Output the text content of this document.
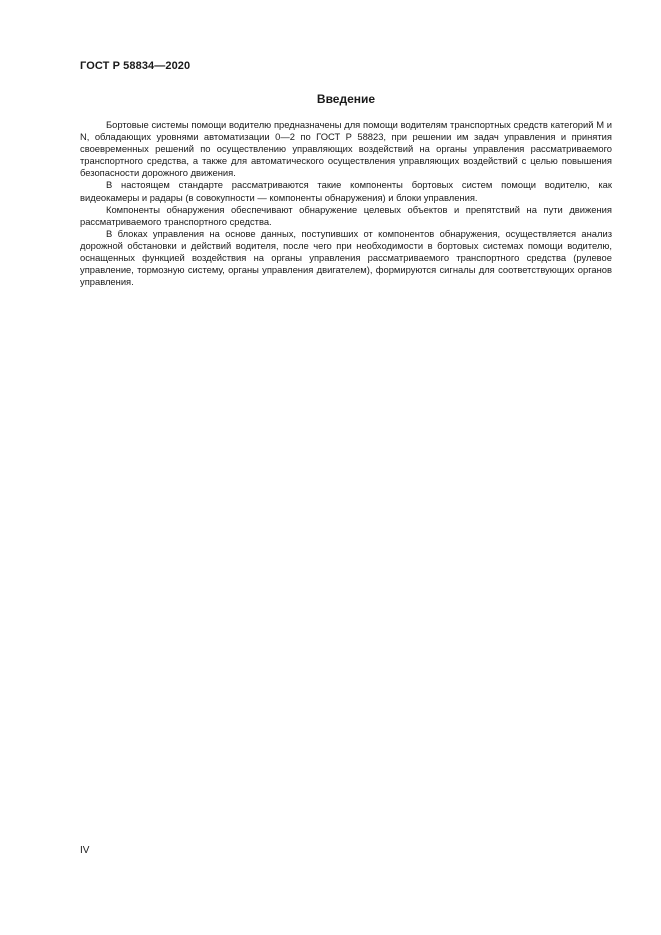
ГОСТ Р 58834—2020
Введение

Бортовые системы помощи водителю предназначены для помощи водителям транспортных средств категорий М и N, обладающих уровнями автоматизации 0—2 по ГОСТ Р 58823, при решении им задач управления и принятия своевременных решений по осуществлению управляющих воздействий на органы управления рассматриваемого транспортного средства, а также для автоматического осуществления управляющих воздействий с целью повышения безопасности дорожного движения.

В настоящем стандарте рассматриваются такие компоненты бортовых систем помощи водителю, как видеокамеры и радары (в совокупности — компоненты обнаружения) и блоки управления.

Компоненты обнаружения обеспечивают обнаружение целевых объектов и препятствий на пути движения рассматриваемого транспортного средства.

В блоках управления на основе данных, поступивших от компонентов обнаружения, осуществляется анализ дорожной обстановки и действий водителя, после чего при необходимости в бортовых системах помощи водителю, оснащенных функцией воздействия на органы управления рассматриваемого транспортного средства (рулевое управление, тормозную систему, органы управления двигателем), формируются сигналы для соответствующих органов управления.

IV
